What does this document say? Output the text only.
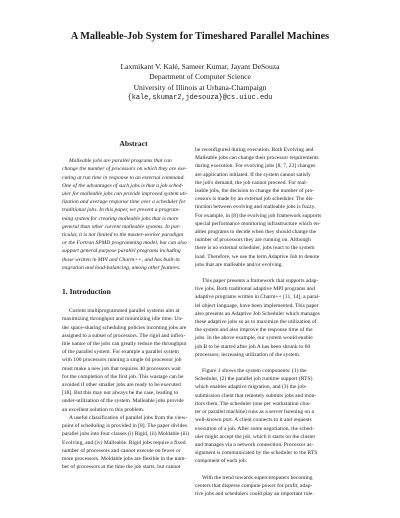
A Malleable-Job System for Timeshared Parallel Machines
Laxmikant V. Kalé, Sameer Kumar, Jayant DeSouza
Department of Computer Science
University of Illinois at Urbana-Champaign
{kale,skumar2,jdesouza}@cs.uiuc.edu
Abstract
Malleable jobs are parallel programs that can
change the number of processors on which they are exe-
cuting at run time in response to an external command.
One of the advantages of such jobs is that a job sched-
uler for malleable jobs can provide improved system uti-
lization and average response time over a scheduler for
traditional jobs. In this paper, we present a program-
ming system for creating malleable jobs that is more
general than other current malleable systems. In par-
ticular, it is not limited to the master-worker paradigm
or the Fortran SPMD programming model, but can also
support general purpose parallel programs including
those written in MPI and Charm++, and has built-in
migration and load-balancing, among other features.
1. Introduction
Current multiprogrammed parallel systems aim at
maximizing throughput and minimizing idle time. Un-
der space-sharing scheduling policies incoming jobs are
assigned to a subset of processors. The rigid and inflex-
ible nature of the jobs can greatly reduce the throughput
of the parallel system. For example a parallel system
with 100 processors running a single 64 processor job
must make a new job that requires 40 processors wait
for the completion of the first job. This wastage can be
avoided if other smaller jobs are ready to be executed
[18]. But this may not always be the case, leading to
under-utilization of the system. Malleable jobs provide
an excellent solution to this problem.
A useful classification of parallel jobs from the view-
point of scheduling is provided in [8]. The paper divides
parallel jobs into four classes (i) Rigid, (ii) Moldable (iii)
Evolving, and (iv) Malleable. Rigid jobs require a fixed
number of processors and cannot execute on fewer or
more processors. Moldable jobs are flexible in the num-
ber of processors at the time the job starts, but cannot
be reconfigured during execution. Both Evolving and
Malleable jobs can change their processor requirements
during execution. For evolving jobs [8, 7, 23] changes
are application initiated. If the system cannot satisfy
the job's demand, the job cannot proceed. For mal-
leable jobs, the decision to change the number of pro-
cessors is made by an external job scheduler. The dis-
tinction between evolving and malleable jobs is fuzzy.
For example, in [8] the evolving job framework supports
special performance monitoring infrastructure which en-
ables programs to decide when they should change the
number of processors they are running on. Although
there is no external scheduler, jobs react to the system
load. Therefore, we use the term Adaptive Job to denote
jobs that are malleable and/or evolving.
This paper presents a framework that supports adap-
tive jobs. Both traditional adaptive MPI programs and
adaptive programs written in Charm++ [11, 14], a paral-
lel object language, have been implemented. This paper
also presents an Adaptive Job Scheduler which manages
these adaptive jobs so as to maximize the utilization of
the system and also improve the response time of the
jobs. In the above example, our system would enable
job B to be started after job A has been shrunk to 60
processors, increasing utilization of the system.
Figure 1 shows the system components: (1) the
Scheduler, (2) the parallel job runtime support (RTS)
which enables adaptive migration, and (3) the job-
submission client that remotely submits jobs and mon-
itors them. The scheduler (one per workstation clus-
ter or parallel machine) runs as a server listening on a
well-known port. A client connects to it and requests
execution of a job. After some negotiation, the sched-
uler might accept the job, which it starts on the cluster
and manages via a network connection. Processor as-
signment is communicated by the scheduler to the RTS
component of each job.
With the trend towards supercomputers becoming
centers that disperse compute power for profit, adap-
tive jobs and schedulers could play an important role.
